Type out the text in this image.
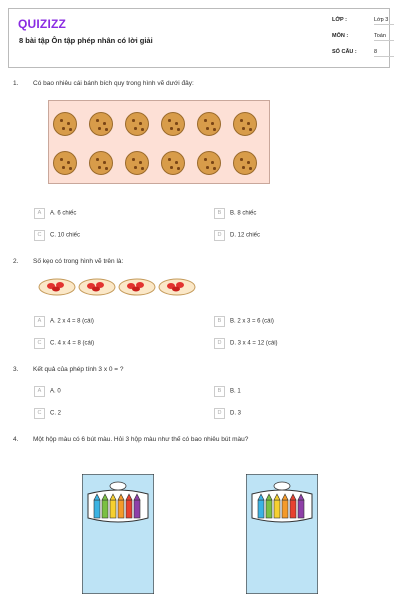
QUIZIZZ
8 bài tập Ôn tập phép nhân có lời giải
LỚP :	Lớp 3
MÔN :	Toán
SỐ CÂU :	8
1. Có bao nhiêu cái bánh bích quy trong hình vẽ dưới đây:
A A. 6 chiếc	B B. 8 chiếc
C C. 10 chiếc	D D. 12 chiếc
2. Số kẹo có trong hình vẽ trên là:
A A. 2 x 4 = 8 (cái)	B B. 2 x 3 = 6 (cái)
C C. 4 x 4 = 8 (cái)	D D. 3 x 4 = 12 (cái)
3. Kết quả của phép tính 3 x 0 = ?
A A. 0	B B. 1
C C. 2	D D. 3
4. Một hộp màu có 6 bút màu. Hỏi 3 hộp màu như thế có bao nhiêu bút màu?
